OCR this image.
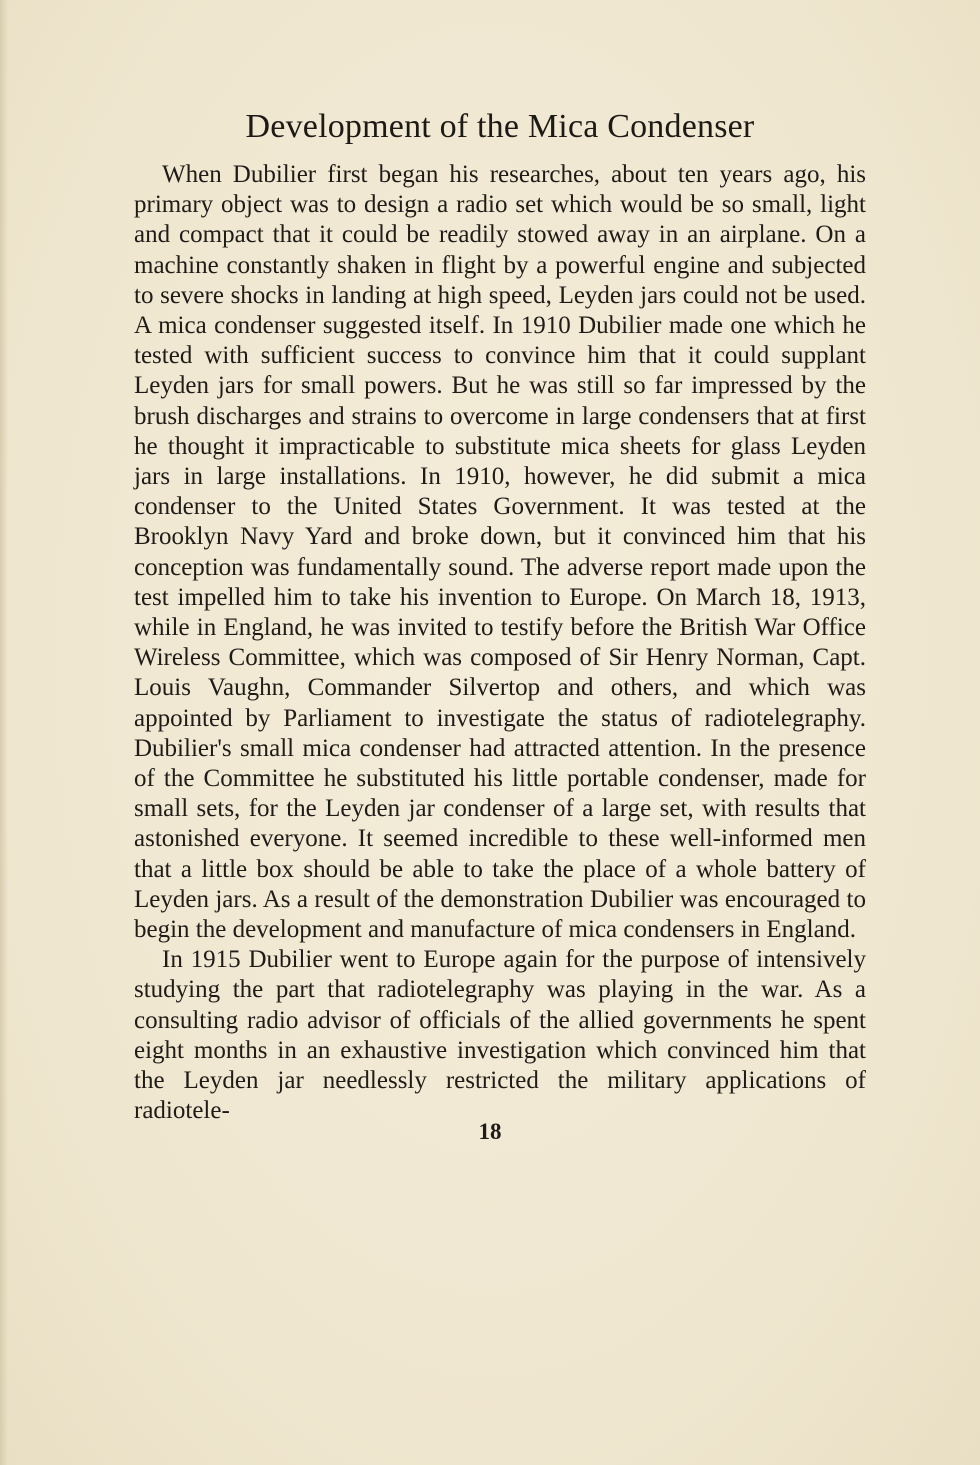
Development of the Mica Condenser

When Dubilier first began his researches, about ten years ago, his primary object was to design a radio set which would be so small, light and compact that it could be readily stowed away in an airplane. On a machine constantly shaken in flight by a powerful engine and subjected to severe shocks in landing at high speed, Leyden jars could not be used. A mica condenser suggested itself. In 1910 Dubilier made one which he tested with sufficient success to convince him that it could supplant Leyden jars for small powers. But he was still so far impressed by the brush discharges and strains to overcome in large condensers that at first he thought it impracticable to substitute mica sheets for glass Leyden jars in large installations. In 1910, however, he did submit a mica condenser to the United States Government. It was tested at the Brooklyn Navy Yard and broke down, but it convinced him that his conception was fundamentally sound. The adverse report made upon the test impelled him to take his invention to Europe. On March 18, 1913, while in England, he was invited to testify before the British War Office Wireless Committee, which was composed of Sir Henry Norman, Capt. Louis Vaughn, Commander Silvertop and others, and which was appointed by Parliament to investigate the status of radiotelegraphy. Dubilier's small mica condenser had attracted attention. In the presence of the Committee he substituted his little portable condenser, made for small sets, for the Leyden jar condenser of a large set, with results that astonished everyone. It seemed incredible to these well-informed men that a little box should be able to take the place of a whole battery of Leyden jars. As a result of the demonstration Dubilier was encouraged to begin the development and manufacture of mica condensers in England.

In 1915 Dubilier went to Europe again for the purpose of intensively studying the part that radiotelegraphy was playing in the war. As a consulting radio advisor of officials of the allied governments he spent eight months in an exhaustive investigation which convinced him that the Leyden jar needlessly restricted the military applications of radiotele-

18
